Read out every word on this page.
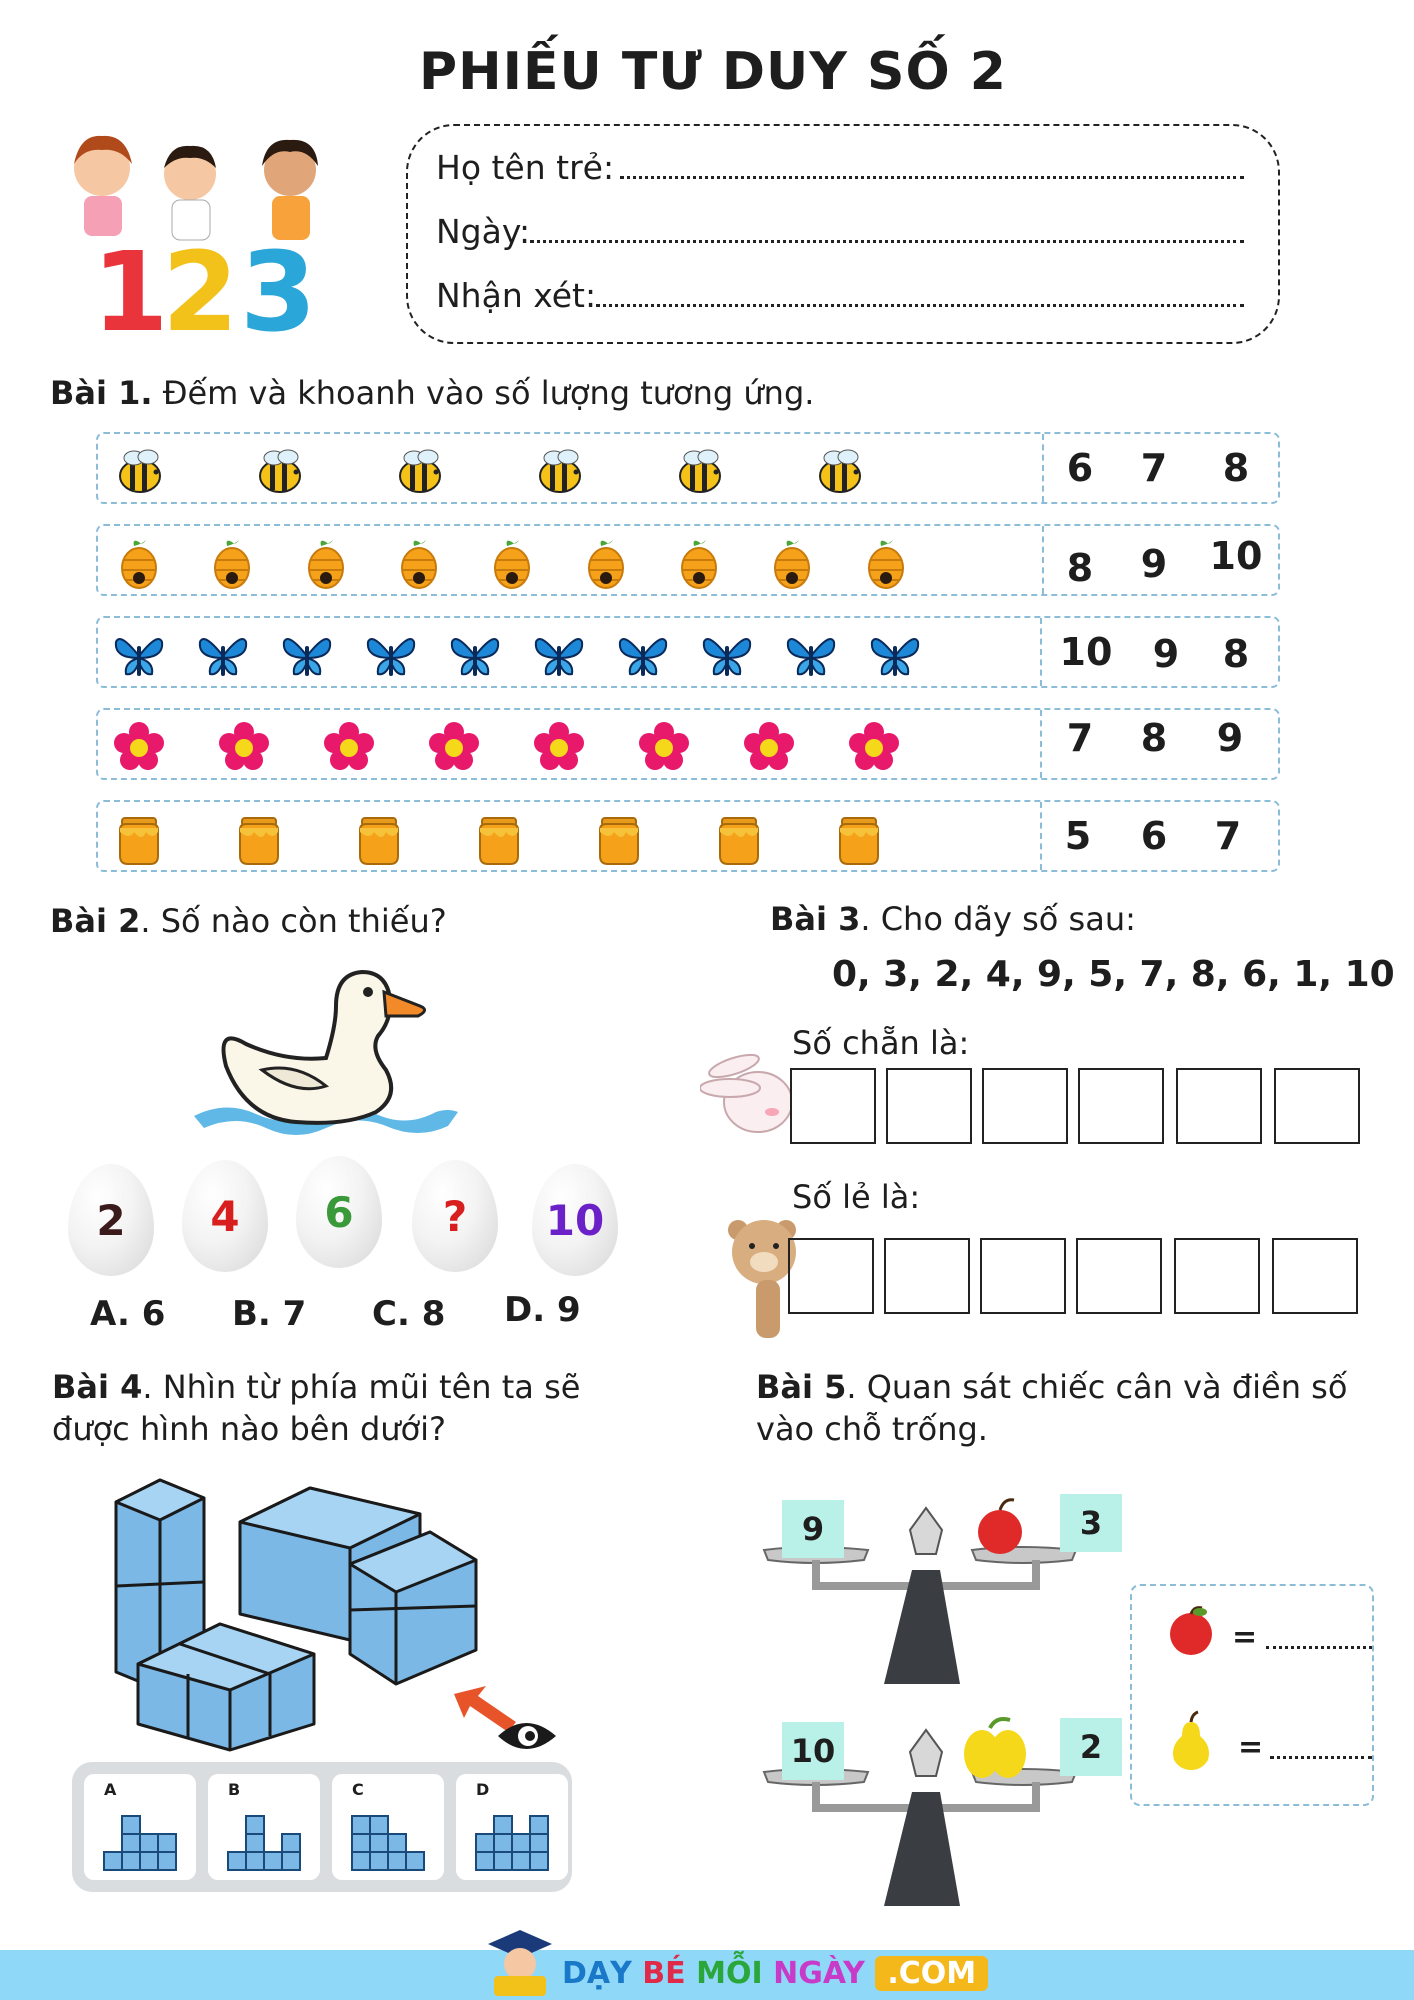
PHIẾU TƯ DUY SỐ 2
1
2 3
Họ tên trẻ:
Ngày:
Nhận xét:
Bài 1. Đếm và khoanh vào số lượng tương ứng.
6	7	8
8	9	10
10	9	8
7	8	9
5	6	7
Bài 2. Số nào còn thiếu?
2 4 6 ? 10
A. 6 B. 7 C. 8 D. 9
Bài 3. Cho dãy số sau:
0, 3, 2, 4, 9, 5, 7, 8, 6, 1, 10
Số chẵn là:
Số lẻ là:
Bài 4. Nhìn từ phía mũi tên ta sẽ
được hình nào bên dưới?
A	B	C	D
Bài 5. Quan sát chiếc cân và điền số
vào chỗ trống.
9	3
10	2
=
=
DẠY BÉ MỖI NGÀY .COM
